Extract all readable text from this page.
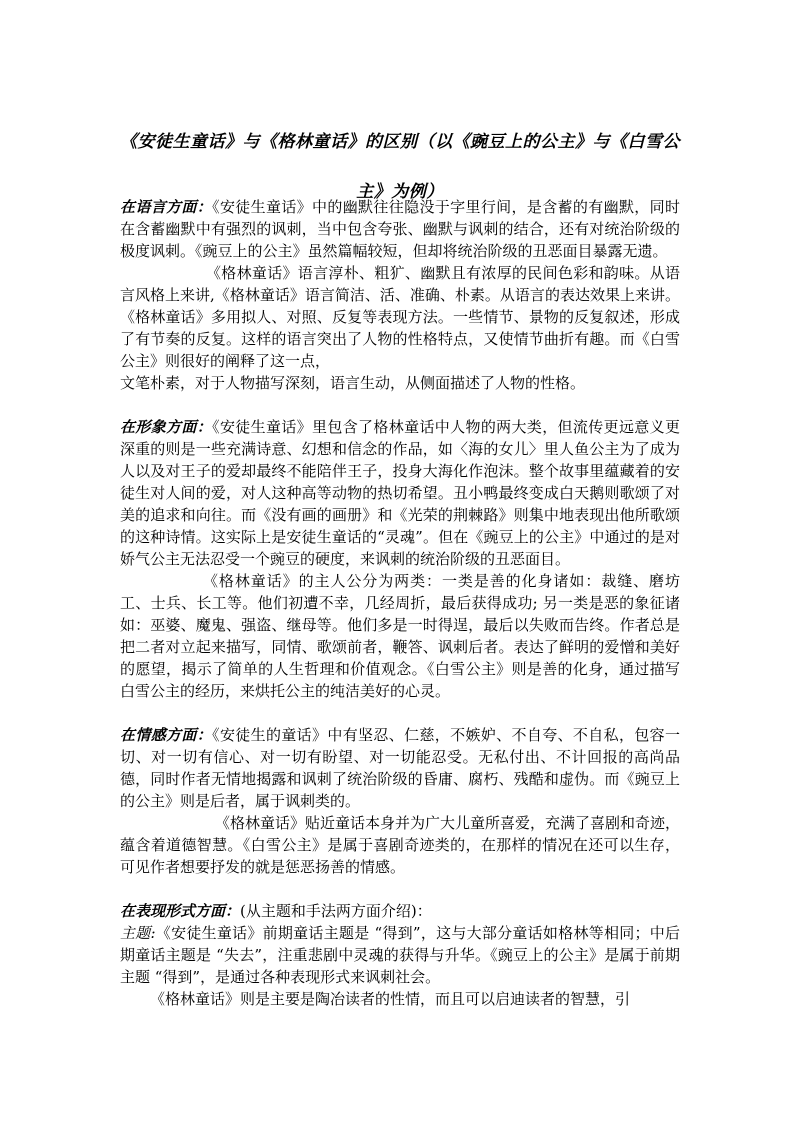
《安徒生童话》与《格林童话》的区别（以《豌豆上的公主》与《白雪公主》为例）

在语言方面：《安徒生童话》中的幽默往往隐没于字里行间，是含蓄的有幽默，同时在含蓄幽默中有强烈的讽刺，当中包含夸张、幽默与讽刺的结合，还有对统治阶级的极度讽刺。《豌豆上的公主》虽然篇幅较短，但却将统治阶级的丑恶面目暴露无遗。

《格林童话》语言淳朴、粗犷、幽默且有浓厚的民间色彩和韵味。从语言风格上来讲,《格林童话》语言简洁、活、准确、朴素。从语言的表达效果上来讲。《格林童话》多用拟人、对照、反复等表现方法。一些情节、景物的反复叙述，形成了有节奏的反复。这样的语言突出了人物的性格特点，又使情节曲折有趣。而《白雪公主》则很好的阐释了这一点，

文笔朴素，对于人物描写深刻，语言生动，从侧面描述了人物的性格。

在形象方面：《安徒生童话》里包含了格林童话中人物的两大类，但流传更远意义更深重的则是一些充满诗意、幻想和信念的作品，如〈海的女儿〉里人鱼公主为了成为人以及对王子的爱却最终不能陪伴王子，投身大海化作泡沫。整个故事里蕴藏着的安徒生对人间的爱，对人这种高等动物的热切希望。丑小鸭最终变成白天鹅则歌颂了对美的追求和向往。而《没有画的画册》和《光荣的荆棘路》则集中地表现出他所歌颂的这种诗情。这实际上是安徒生童话的“灵魂”。但在《豌豆上的公主》中通过的是对娇气公主无法忍受一个豌豆的硬度，来讽刺的统治阶级的丑恶面目。

《格林童话》的主人公分为两类：一类是善的化身诸如：裁缝、磨坊工、士兵、长工等。他们初遭不幸，几经周折，最后获得成功; 另一类是恶的象征诸如：巫婆、魔鬼、强盗、继母等。他们多是一时得逞，最后以失败而告终。作者总是把二者对立起来描写，同情、歌颂前者，鞭答、讽刺后者。表达了鲜明的爱憎和美好的愿望，揭示了简单的人生哲理和价值观念。《白雪公主》则是善的化身，通过描写白雪公主的经历，来烘托公主的纯洁美好的心灵。

在情感方面：《安徒生的童话》中有坚忍、仁慈，不嫉妒、不自夸、不自私，包容一切、对一切有信心、对一切有盼望、对一切能忍受。无私付出、不计回报的高尚品德，同时作者无情地揭露和讽刺了统治阶级的昏庸、腐朽、残酷和虚伪。而《豌豆上的公主》则是后者，属于讽刺类的。

《格林童话》贴近童话本身并为广大儿童所喜爱，充满了喜剧和奇迹，蕴含着道德智慧。《白雪公主》是属于喜剧奇迹类的，在那样的情况在还可以生存，可见作者想要抒发的就是惩恶扬善的情感。

在表现形式方面：(从主题和手法两方面介绍)：

主题:《安徒生童话》前期童话主题是 “得到”，这与大部分童话如格林等相同；中后期童话主题是 “失去”，注重悲剧中灵魂的获得与升华。《豌豆上的公主》是属于前期主题 “得到”，是通过各种表现形式来讽刺社会。

《格林童话》则是主要是陶冶读者的性情，而且可以启迪读者的智慧，引
